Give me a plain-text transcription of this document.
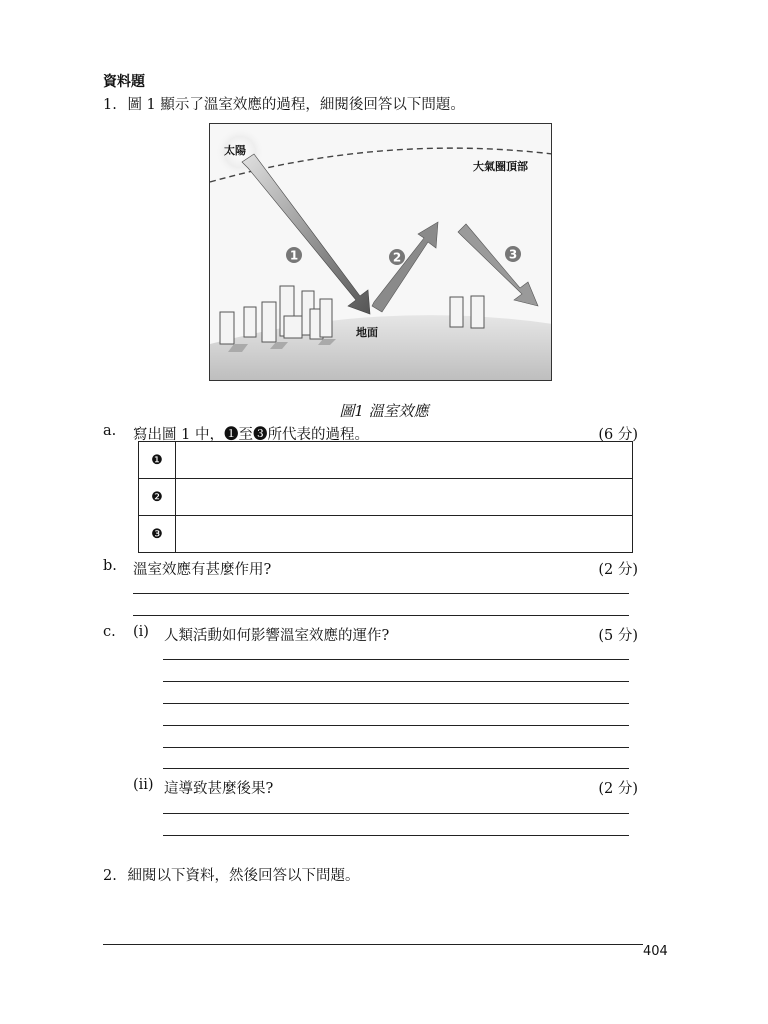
資料題
1. 圖 1 顯示了溫室效應的過程，細閱後回答以下問題。
1	2	3
太陽
大氣圈頂部
地面
圖1 溫室效應
a. 寫出圖 1 中，❶至❸所代表的過程。	(6 分)
❶	
❷	
❸	
b. 溫室效應有甚麼作用?	(2 分)
c. (i) 人類活動如何影響溫室效應的運作?	(5 分)
(ii) 這導致甚麼後果?	(2 分)
2. 細閱以下資料，然後回答以下問題。
404
